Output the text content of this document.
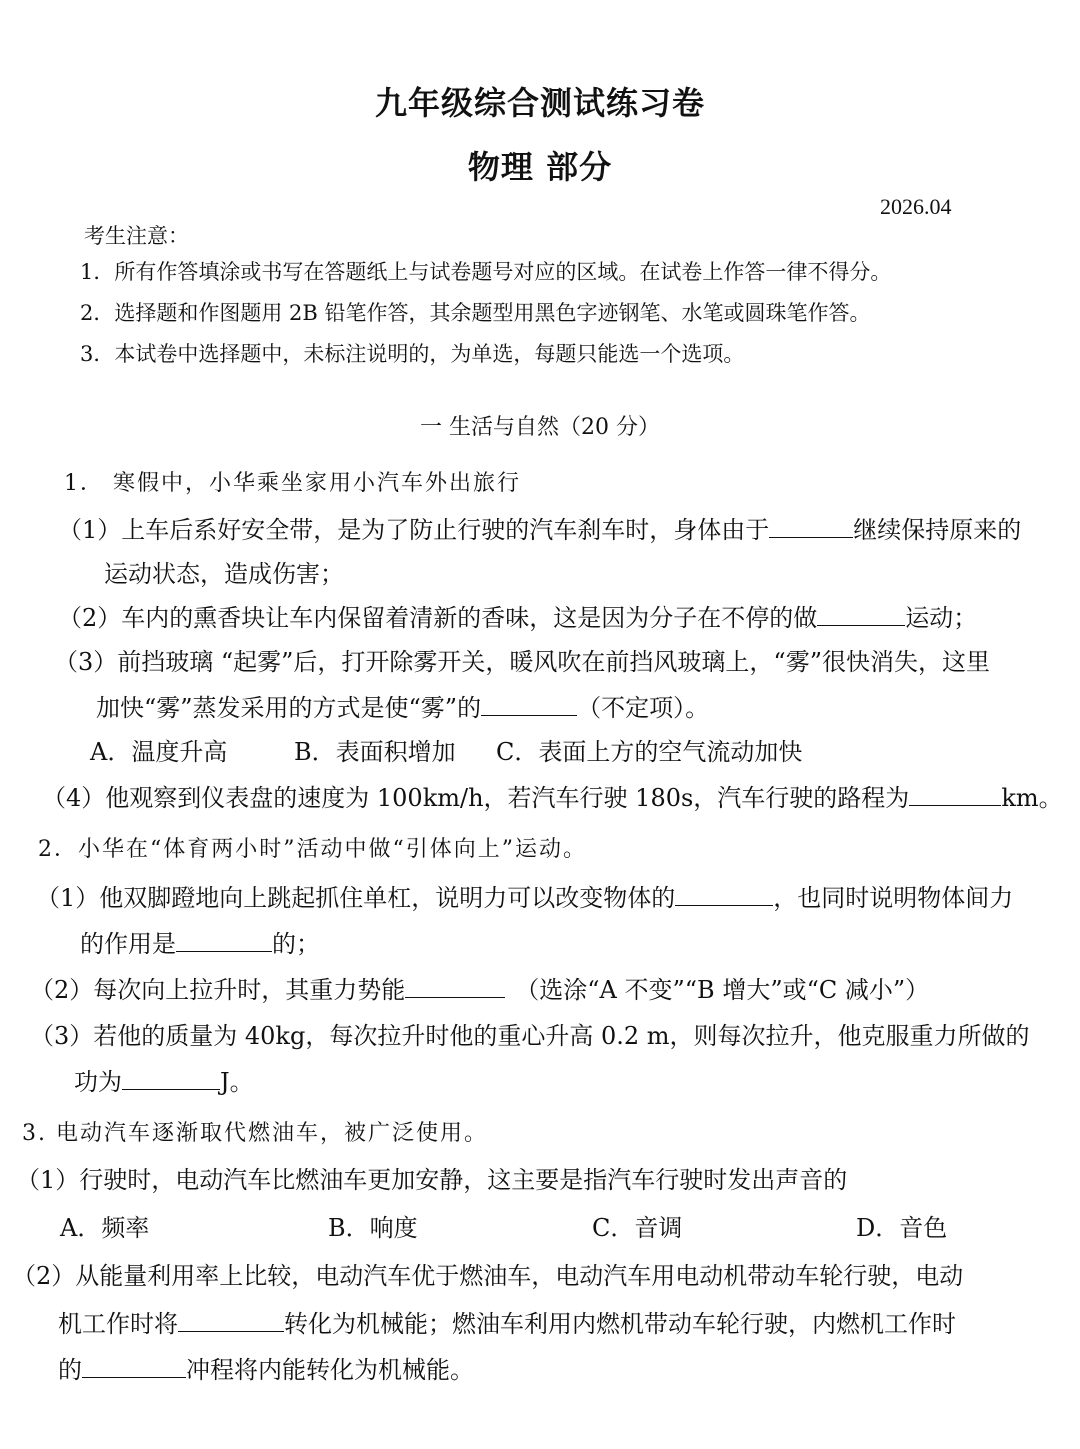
九年级综合测试练习卷
物理 部分
2026.04
考生注意：
1．所有作答填涂或书写在答题纸上与试卷题号对应的区域。在试卷上作答一律不得分。
2．选择题和作图题用 2B 铅笔作答，其余题型用黑色字迹钢笔、水笔或圆珠笔作答。
3．本试卷中选择题中，未标注说明的，为单选，每题只能选一个选项。
一 生活与自然（20 分）
1． 寒假中，小华乘坐家用小汽车外出旅行
（1）上车后系好安全带，是为了防止行驶的汽车刹车时，身体由于	继续保持原来的
运动状态，造成伤害；
（2）车内的熏香块让车内保留着清新的香味，这是因为分子在不停的做	运动；
（3）前挡玻璃 “起雾”后，打开除雾开关，暖风吹在前挡风玻璃上，“雾”很快消失，这里
加快“雾”蒸发采用的方式是使“雾”的	（不定项）。
A．温度升高	B．表面积增加 C．表面上方的空气流动加快
（4）他观察到仪表盘的速度为 100km/h，若汽车行驶 180s，汽车行驶的路程为	km。
2．小华在“体育两小时”活动中做“引体向上”运动。
（1）他双脚蹬地向上跳起抓住单杠，说明力可以改变物体的	，也同时说明物体间力
的作用是	的；
（2）每次向上拉升时，其重力势能	（选涂“A 不变”“B 增大”或“C 减小”）
（3）若他的质量为 40kg，每次拉升时他的重心升高 0.2 m，则每次拉升，他克服重力所做的
功为	J。
3. 电动汽车逐渐取代燃油车，被广泛使用。
（1）行驶时，电动汽车比燃油车更加安静，这主要是指汽车行驶时发出声音的
A．频率	B．响度	C．音调	D．音色
（2）从能量利用率上比较，电动汽车优于燃油车，电动汽车用电动机带动车轮行驶，电动
机工作时将	转化为机械能；燃油车利用内燃机带动车轮行驶，内燃机工作时
的	冲程将内能转化为机械能。
